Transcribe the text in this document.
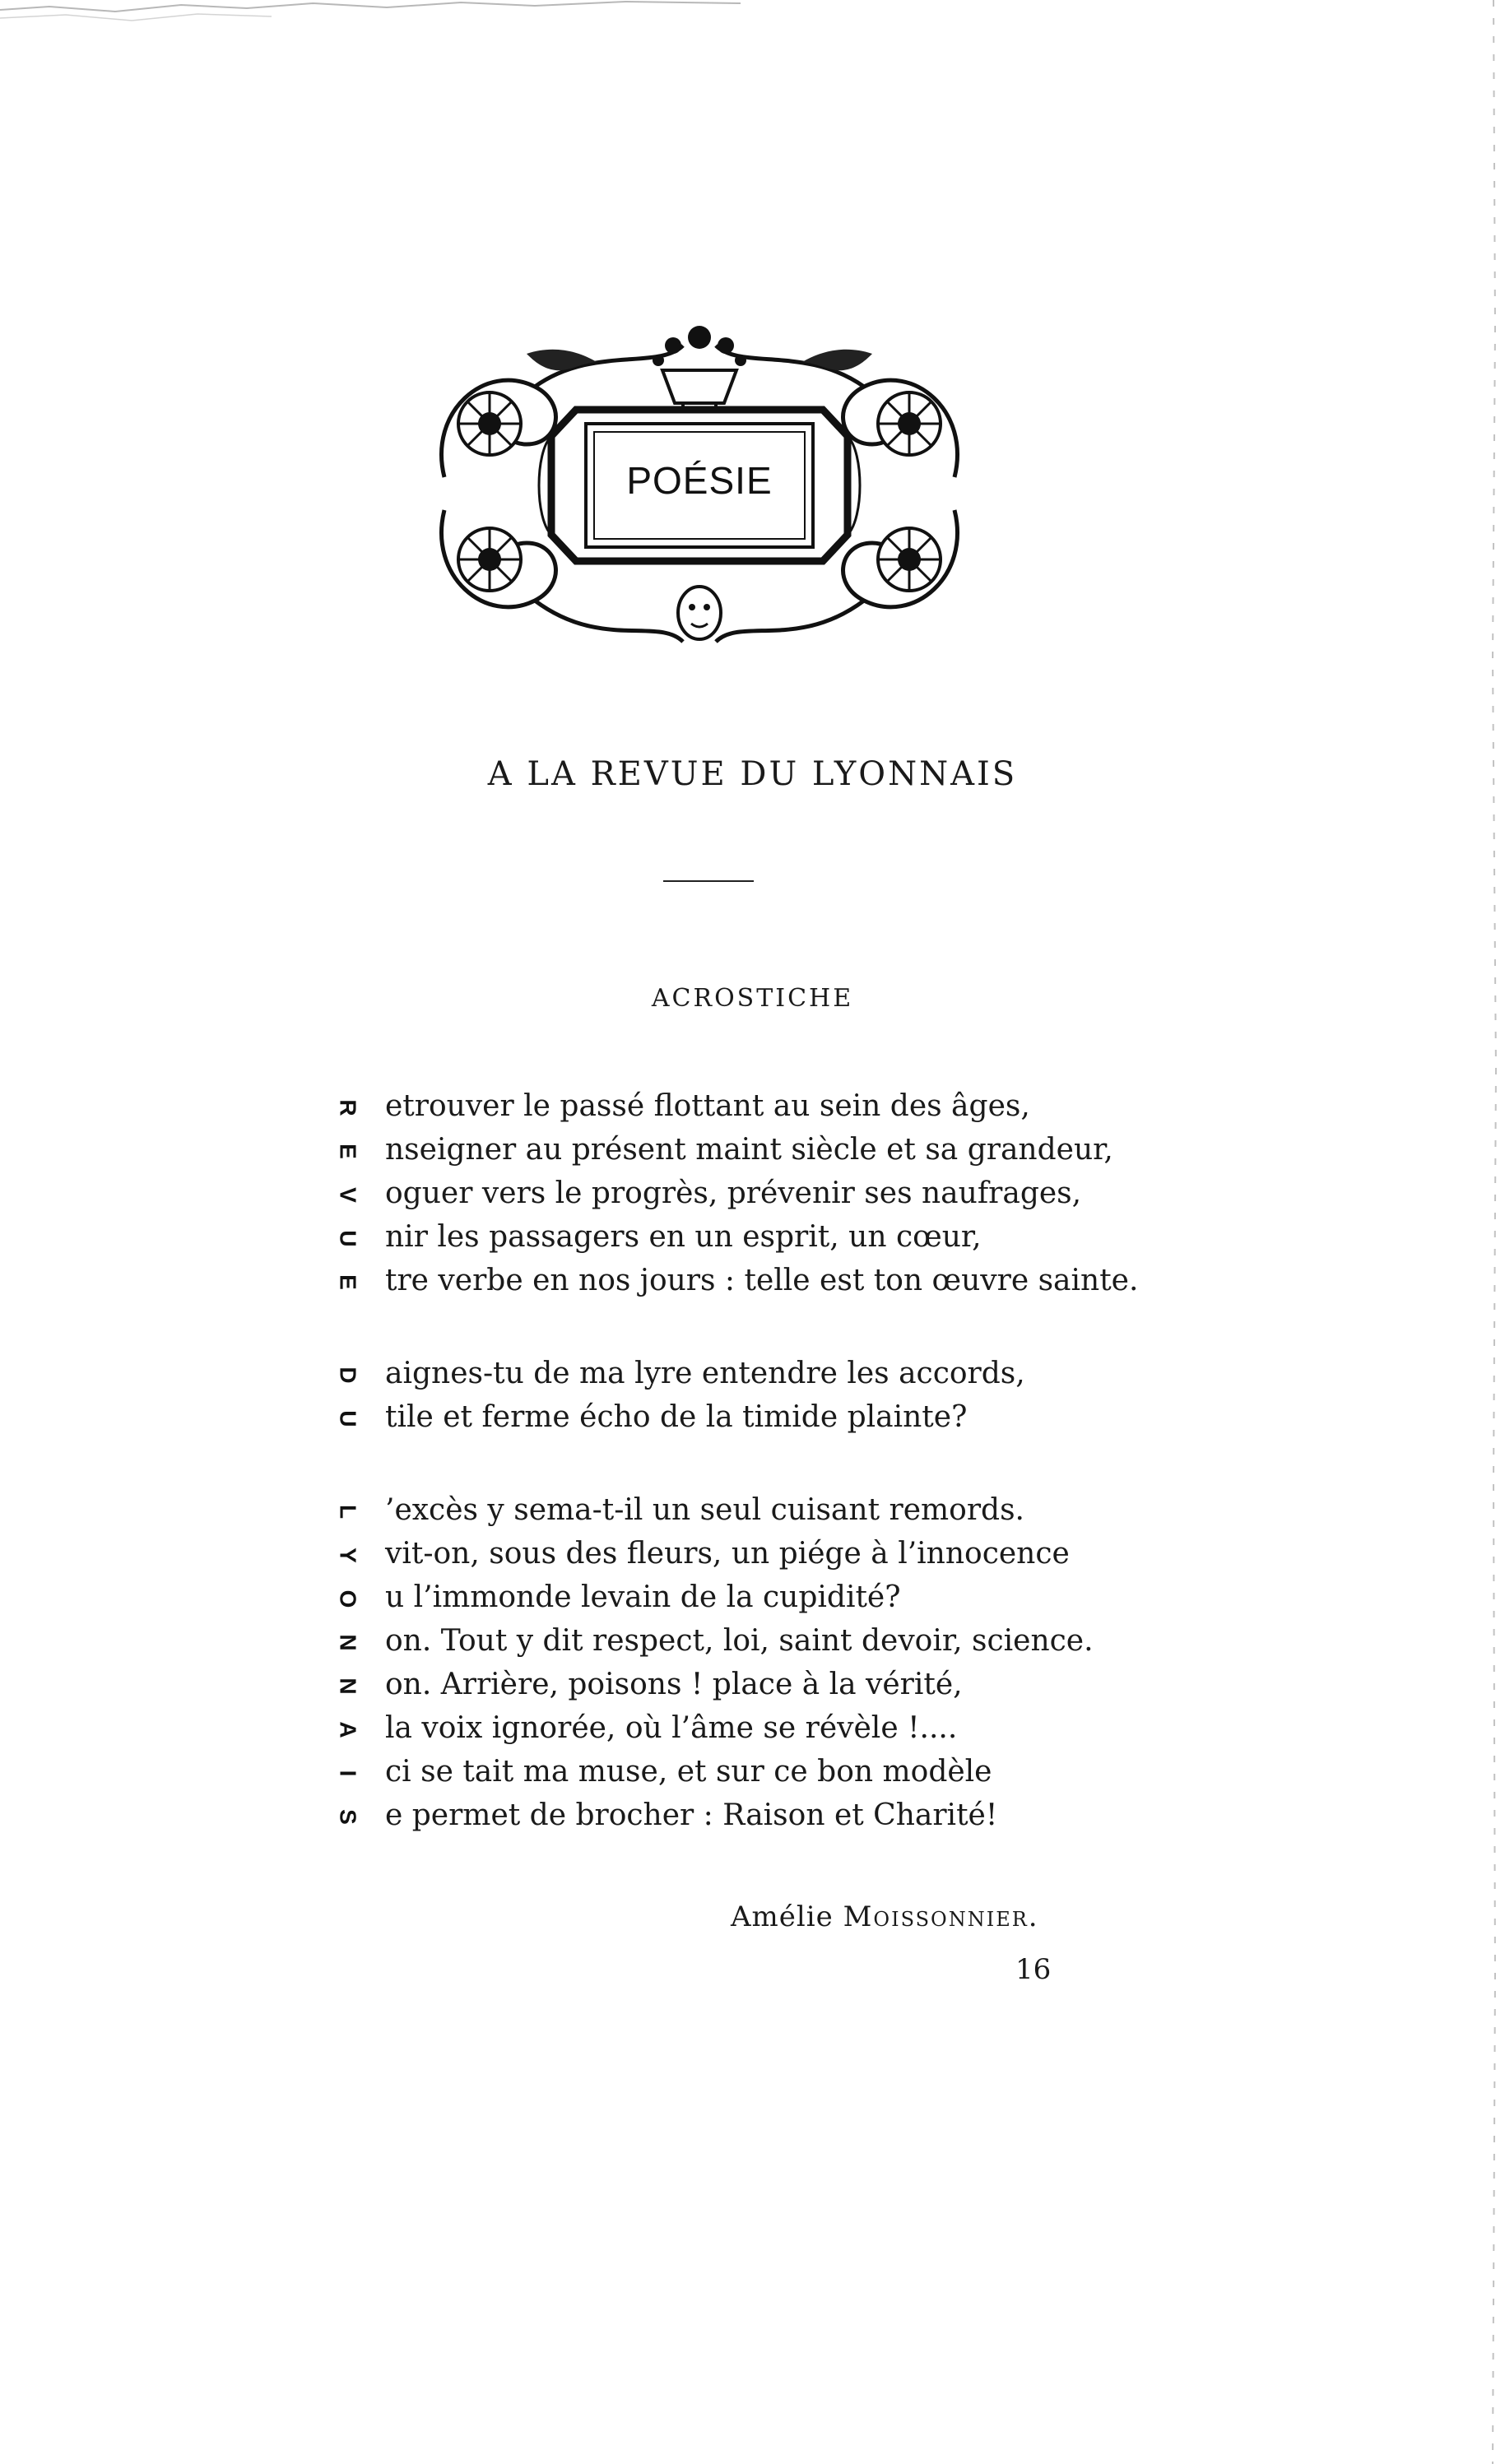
POÉSIE
A LA REVUE DU LYONNAIS
ACROSTICHE
R etrouver le passé flottant au sein des âges,
E nseigner au présent maint siècle et sa grandeur,
V oguer vers le progrès, prévenir ses naufrages,
U nir les passagers en un esprit, un cœur,
E tre verbe en nos jours : telle est ton œuvre sainte.
D aignes-tu de ma lyre entendre les accords,
U tile et ferme écho de la timide plainte?
L ’excès y sema-t-il un seul cuisant remords.
Y vit-on, sous des fleurs, un piége à l’innocence
O u l’immonde levain de la cupidité?
N on. Tout y dit respect, loi, saint devoir, science.
N on. Arrière, poisons ! place à la vérité,
A la voix ignorée, où l’âme se révèle !....
I ci se tait ma muse, et sur ce bon modèle
S e permet de brocher : Raison et Charité!
Amélie Moissonnier.
16
